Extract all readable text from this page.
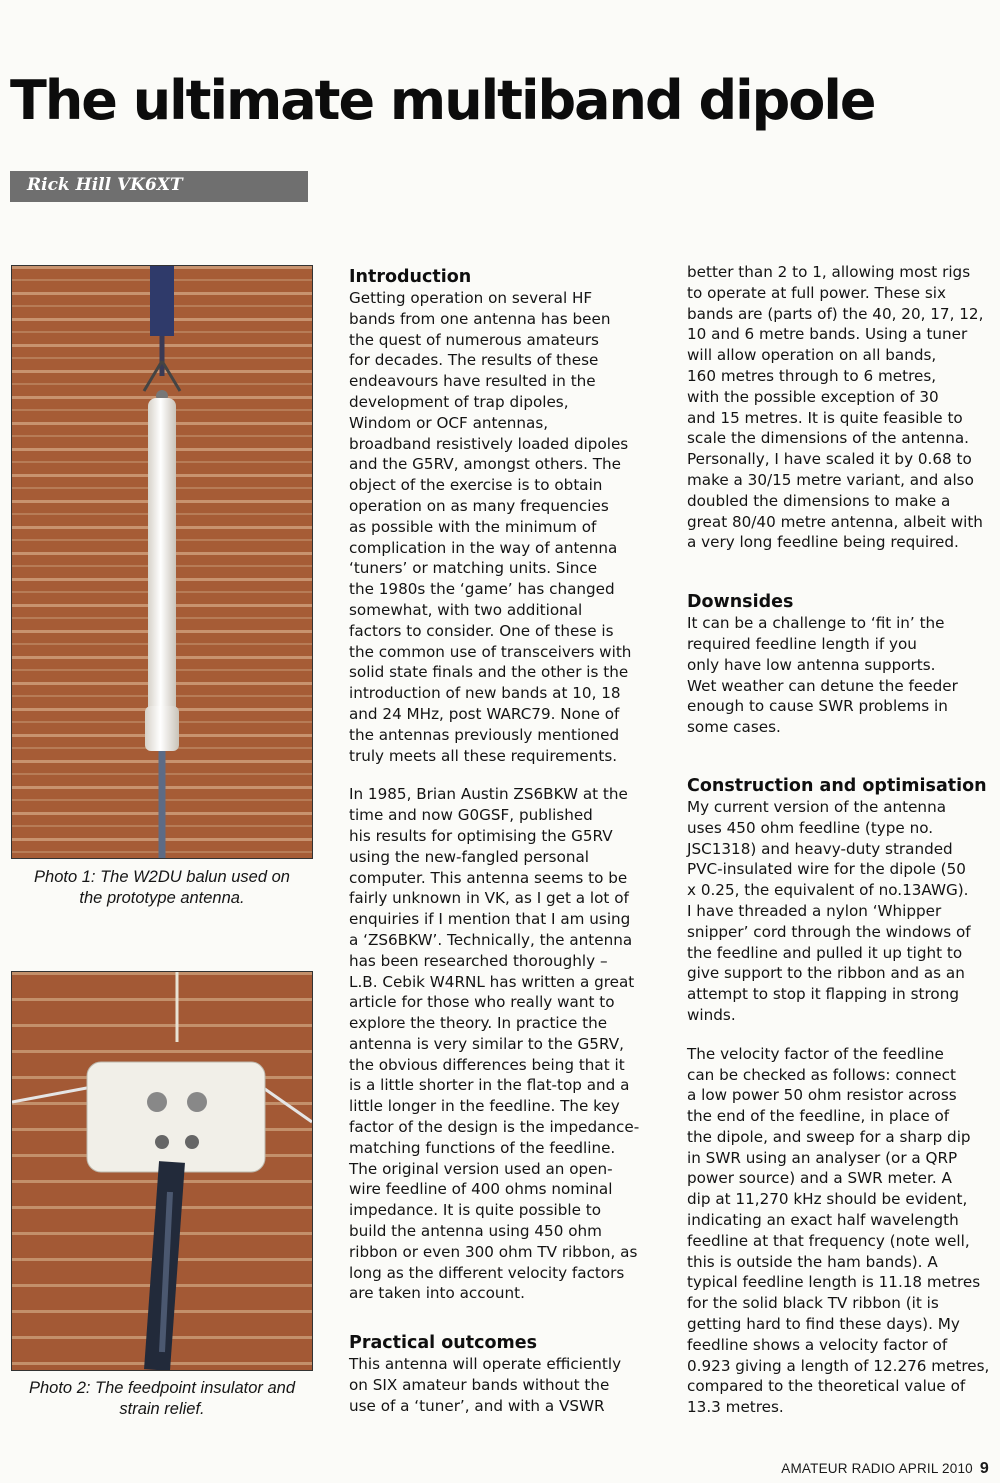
The ultimate multiband dipole
Rick Hill VK6XT
Photo 1: The W2DU balun used on
the prototype antenna.
Photo 2: The feedpoint insulator and
strain relief.
Introduction

Getting operation on several HF

bands from one antenna has been

the quest of numerous amateurs

for decades. The results of these

endeavours have resulted in the

development of trap dipoles,

Windom or OCF antennas,

broadband resistively loaded dipoles

and the G5RV, amongst others. The

object of the exercise is to obtain

operation on as many frequencies

as possible with the minimum of

complication in the way of antenna

‘tuners’ or matching units. Since

the 1980s the ‘game’ has changed

somewhat, with two additional

factors to consider. One of these is

the common use of transceivers with

solid state finals and the other is the

introduction of new bands at 10, 18

and 24 MHz, post WARC79. None of

the antennas previously mentioned

truly meets all these requirements.

In 1985, Brian Austin ZS6BKW at the

time and now G0GSF, published

his results for optimising the G5RV

using the new-fangled personal

computer. This antenna seems to be

fairly unknown in VK, as I get a lot of

enquiries if I mention that I am using

a ‘ZS6BKW’. Technically, the antenna

has been researched thoroughly –

L.B. Cebik W4RNL has written a great

article for those who really want to

explore the theory. In practice the

antenna is very similar to the G5RV,

the obvious differences being that it

is a little shorter in the flat-top and a

little longer in the feedline. The key

factor of the design is the impedance-

matching functions of the feedline.

The original version used an open-

wire feedline of 400 ohms nominal

impedance. It is quite possible to

build the antenna using 450 ohm

ribbon or even 300 ohm TV ribbon, as

long as the different velocity factors

are taken into account.

Practical outcomes

This antenna will operate efficiently

on SIX amateur bands without the

use of a ‘tuner’, and with a VSWR

better than 2 to 1, allowing most rigs

to operate at full power. These six

bands are (parts of) the 40, 20, 17, 12,

10 and 6 metre bands. Using a tuner

will allow operation on all bands,

160 metres through to 6 metres,

with the possible exception of 30

and 15 metres. It is quite feasible to

scale the dimensions of the antenna.

Personally, I have scaled it by 0.68 to

make a 30/15 metre variant, and also

doubled the dimensions to make a

great 80/40 metre antenna, albeit with

a very long feedline being required.

Downsides

It can be a challenge to ‘fit in’ the

required feedline length if you

only have low antenna supports.

Wet weather can detune the feeder

enough to cause SWR problems in

some cases.

Construction and optimisation

My current version of the antenna

uses 450 ohm feedline (type no.

JSC1318) and heavy-duty stranded

PVC-insulated wire for the dipole (50

x 0.25, the equivalent of no.13AWG).

I have threaded a nylon ‘Whipper

snipper’ cord through the windows of

the feedline and pulled it up tight to

give support to the ribbon and as an

attempt to stop it flapping in strong

winds.

The velocity factor of the feedline

can be checked as follows: connect

a low power 50 ohm resistor across

the end of the feedline, in place of

the dipole, and sweep for a sharp dip

in SWR using an analyser (or a QRP

power source) and a SWR meter. A

dip at 11,270 kHz should be evident,

indicating an exact half wavelength

feedline at that frequency (note well,

this is outside the ham bands). A

typical feedline length is 11.18 metres

for the solid black TV ribbon (it is

getting hard to find these days). My

feedline shows a velocity factor of

0.923 giving a length of 12.276 metres,

compared to the theoretical value of

13.3 metres.

AMATEUR RADIO APRIL 2010 9
